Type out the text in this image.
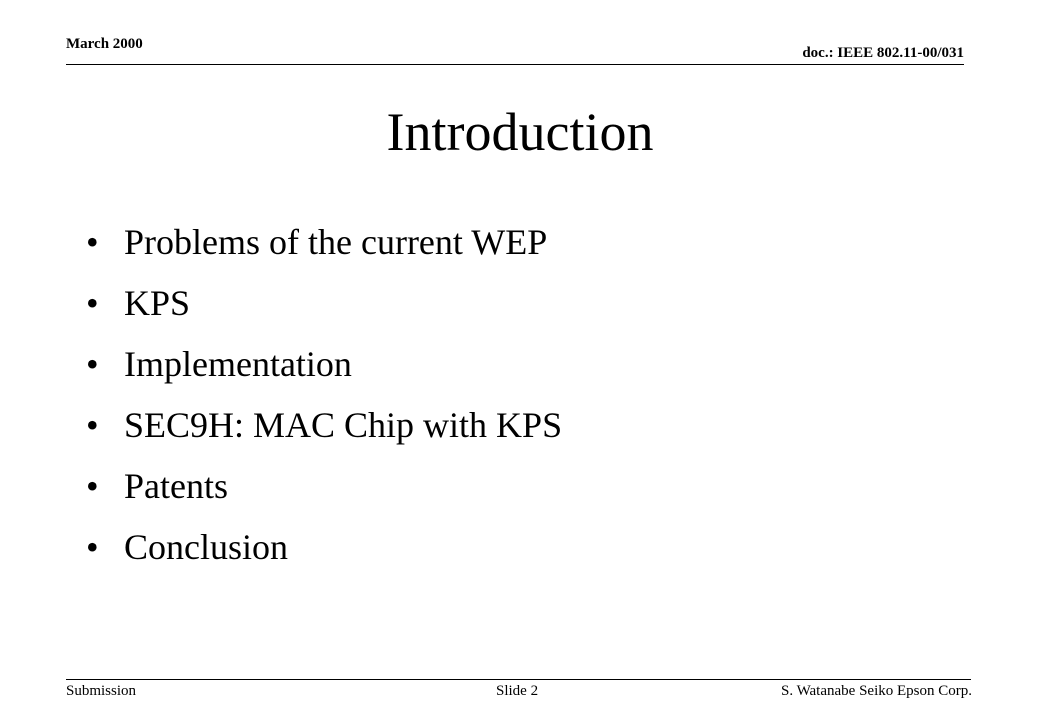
March 2000
doc.: IEEE 802.11-00/031
Introduction
• Problems of the current WEP
• KPS
• Implementation
• SEC9H: MAC Chip with KPS
• Patents
• Conclusion
Submission	Slide 2	S. Watanabe Seiko Epson Corp.
